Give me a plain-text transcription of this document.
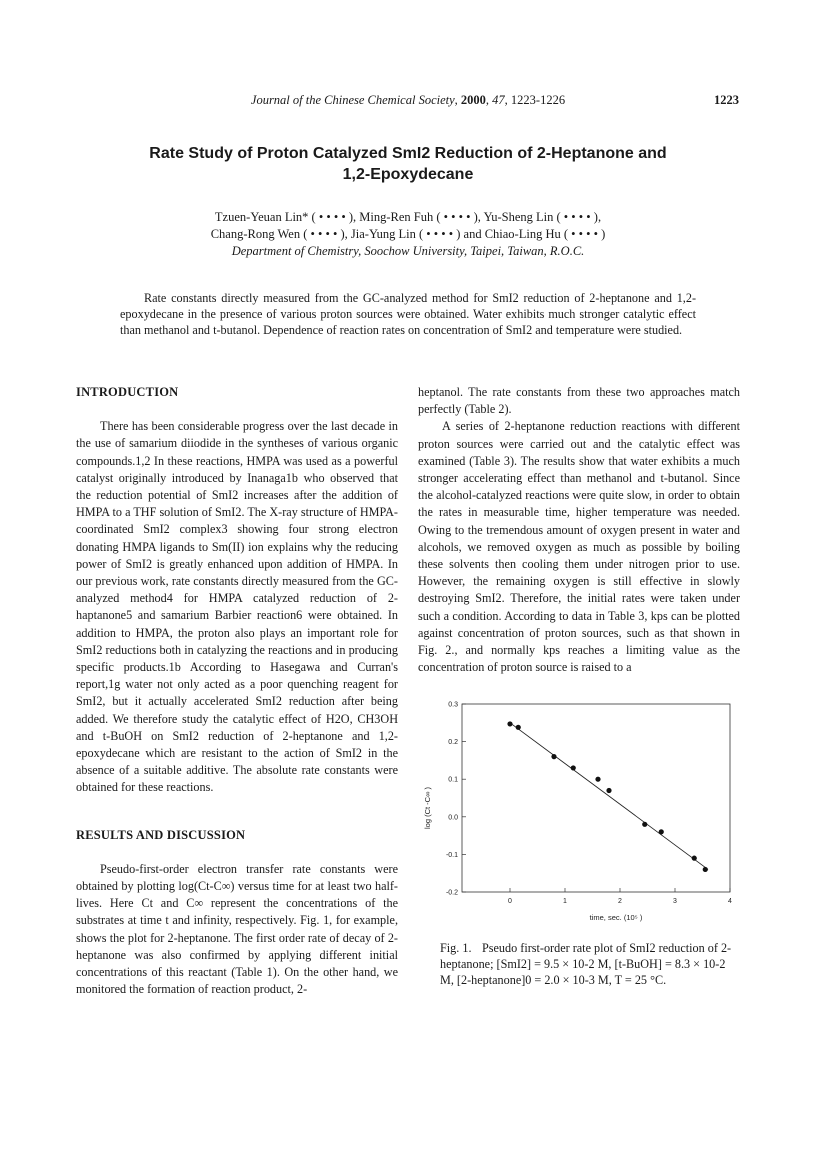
Journal of the Chinese Chemical Society, 2000, 47, 1223-1226	1223
Rate Study of Proton Catalyzed SmI2 Reduction of 2-Heptanone and
1,2-Epoxydecane
Tzuen-Yeuan Lin* ( • • • • ), Ming-Ren Fuh ( • • • • ), Yu-Sheng Lin ( • • • • ),
Chang-Rong Wen ( • • • • ), Jia-Yung Lin ( • • • • ) and Chiao-Ling Hu ( • • • • )
Department of Chemistry, Soochow University, Taipei, Taiwan, R.O.C.
Rate constants directly measured from the GC-analyzed method for SmI2 reduction of 2-heptanone and 1,2-epoxydecane in the presence of various proton sources were obtained. Water exhibits much stronger catalytic effect than methanol and t-butanol. Dependence of reaction rates on concentration of SmI2 and temperature were studied.
INTRODUCTION

There has been considerable progress over the last decade in the use of samarium diiodide in the syntheses of various organic compounds.1,2 In these reactions, HMPA was used as a powerful catalyst originally introduced by Inanaga1b who observed that the reduction potential of SmI2 increases after the addition of HMPA to a THF solution of SmI2. The X-ray structure of HMPA-coordinated SmI2 complex3 showing four strong electron donating HMPA ligands to Sm(II) ion explains why the reducing power of SmI2 is greatly enhanced upon addition of HMPA. In our previous work, rate constants directly measured from the GC-analyzed method4 for HMPA catalyzed reduction of 2-haptanone5 and samarium Barbier reaction6 were obtained. In addition to HMPA, the proton also plays an important role for SmI2 reductions both in catalyzing the reactions and in producing specific products.1b According to Hasegawa and Curran's report,1g water not only acted as a poor quenching reagent for SmI2, but it actually accelerated SmI2 reduction after being added. We therefore study the catalytic effect of H2O, CH3OH and t-BuOH on SmI2 reduction of 2-heptanone and 1,2-epoxydecane which are resistant to the action of SmI2 in the absence of a suitable additive. The absolute rate constants were obtained for these reactions.

RESULTS AND DISCUSSION

Pseudo-first-order electron transfer rate constants were obtained by plotting log(Ct-C∞) versus time for at least two half-lives. Here Ct and C∞ represent the concentrations of the substrates at time t and infinity, respectively. Fig. 1, for example, shows the plot for 2-heptanone. The first order rate of decay of 2-heptanone was also confirmed by applying different initial concentrations of this reactant (Table 1). On the other hand, we monitored the formation of reaction product, 2-

heptanol. The rate constants from these two approaches match perfectly (Table 2).

A series of 2-heptanone reduction reactions with different proton sources were carried out and the catalytic effect was examined (Table 3). The results show that water exhibits a much stronger accelerating effect than methanol and t-butanol. Since the alcohol-catalyzed reactions were quite slow, in order to obtain the rates in measurable time, higher temperature was needed. Owing to the tremendous amount of oxygen present in water and alcohols, we removed oxygen as much as possible by boiling these solvents then cooling them under nitrogen prior to use. However, the remaining oxygen is still effective in slowly destroying SmI2. Therefore, the initial rates were taken under such a condition. According to data in Table 3, kps can be plotted against concentration of proton sources, such as that shown in Fig. 2., and normally kps reaches a limiting value as the concentration of proton source is raised to a

0.3
0.2
0.1
0.0
-0.1
-0.2
0	1	2	3	4
time, sec. (10⁵ )
log (Ct -C∞ )
Fig. 1. Pseudo first-order rate plot of SmI2 reduction of 2-heptanone; [SmI2] = 9.5 × 10-2 M, [t-BuOH] = 8.3 × 10-2 M, [2-heptanone]0 = 2.0 × 10-3 M, T = 25 °C.
